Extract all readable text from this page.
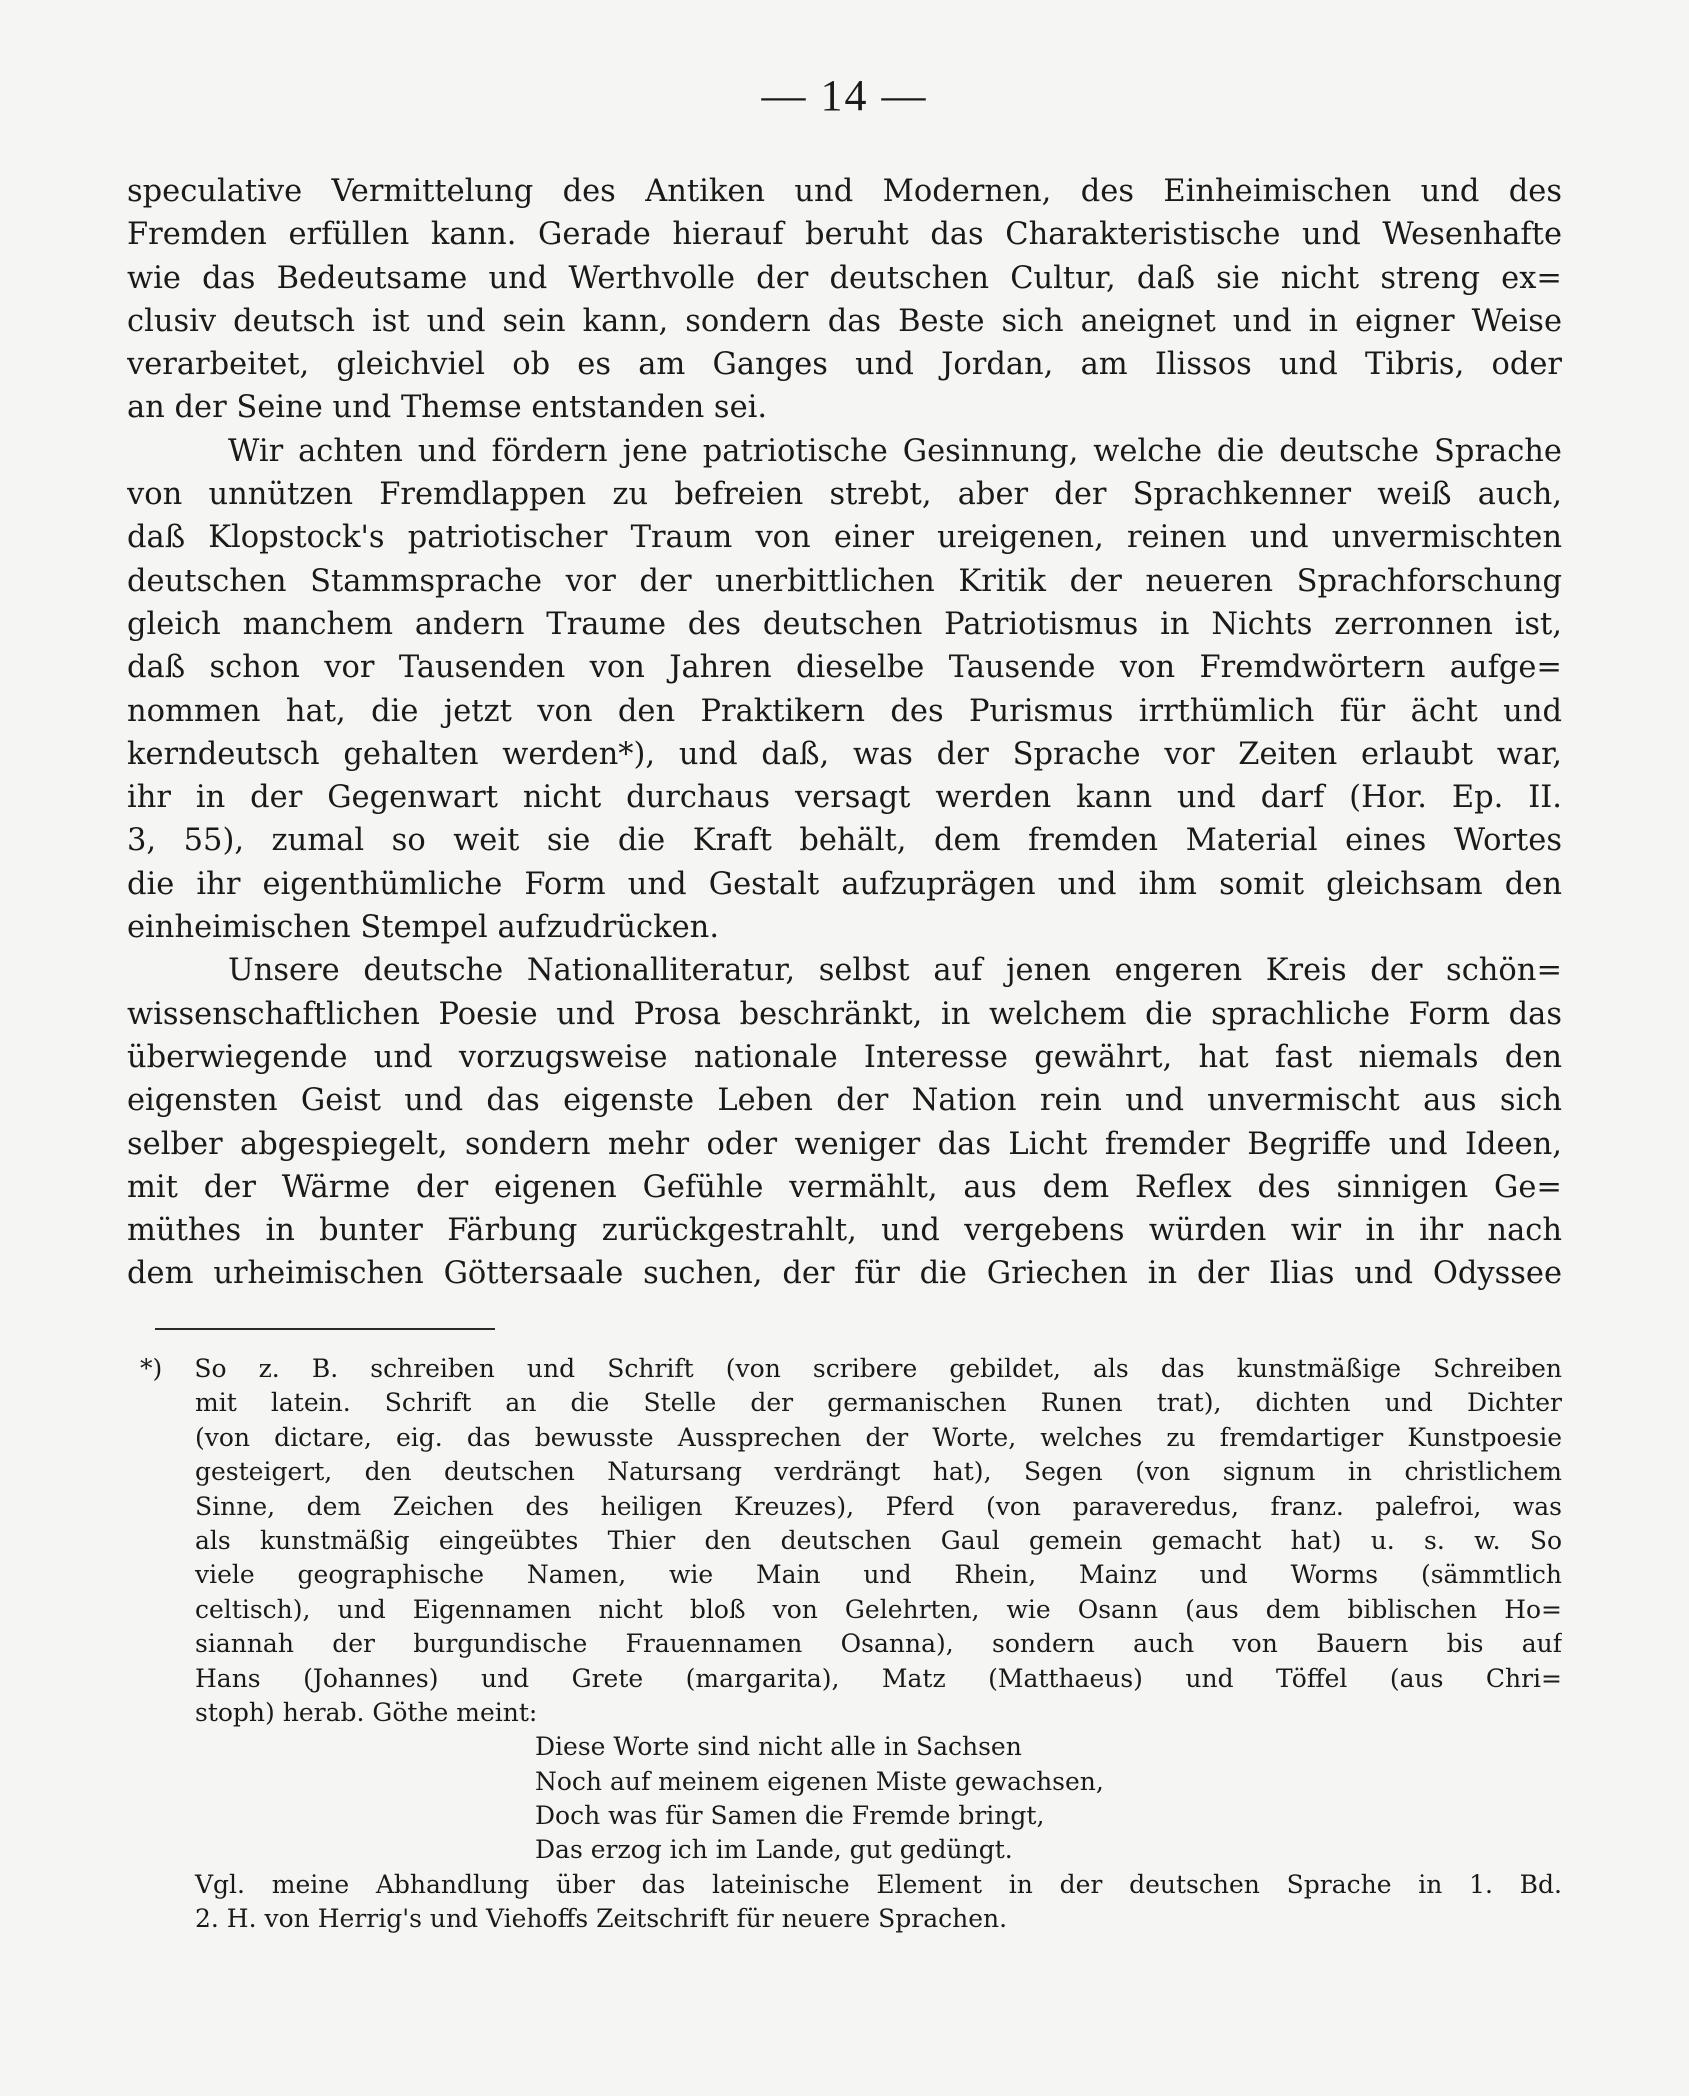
— 14 —
speculative Vermittelung des Antiken und Modernen, des Einheimischen und des
Fremden erfüllen kann. Gerade hierauf beruht das Charakteristische und Wesenhafte
wie das Bedeutsame und Werthvolle der deutschen Cultur, daß sie nicht streng ex=
clusiv deutsch ist und sein kann, sondern das Beste sich aneignet und in eigner Weise
verarbeitet, gleichviel ob es am Ganges und Jordan, am Ilissos und Tibris, oder
an der Seine und Themse entstanden sei.
Wir achten und fördern jene patriotische Gesinnung, welche die deutsche Sprache
von unnützen Fremdlappen zu befreien strebt, aber der Sprachkenner weiß auch,
daß Klopstock's patriotischer Traum von einer ureigenen, reinen und unvermischten
deutschen Stammsprache vor der unerbittlichen Kritik der neueren Sprachforschung
gleich manchem andern Traume des deutschen Patriotismus in Nichts zerronnen ist,
daß schon vor Tausenden von Jahren dieselbe Tausende von Fremdwörtern aufge=
nommen hat, die jetzt von den Praktikern des Purismus irrthümlich für ächt und
kerndeutsch gehalten werden*), und daß, was der Sprache vor Zeiten erlaubt war,
ihr in der Gegenwart nicht durchaus versagt werden kann und darf (Hor. Ep. II.
3, 55), zumal so weit sie die Kraft behält, dem fremden Material eines Wortes
die ihr eigenthümliche Form und Gestalt aufzuprägen und ihm somit gleichsam den
einheimischen Stempel aufzudrücken.
Unsere deutsche Nationalliteratur, selbst auf jenen engeren Kreis der schön=
wissenschaftlichen Poesie und Prosa beschränkt, in welchem die sprachliche Form das
überwiegende und vorzugsweise nationale Interesse gewährt, hat fast niemals den
eigensten Geist und das eigenste Leben der Nation rein und unvermischt aus sich
selber abgespiegelt, sondern mehr oder weniger das Licht fremder Begriffe und Ideen,
mit der Wärme der eigenen Gefühle vermählt, aus dem Reflex des sinnigen Ge=
müthes in bunter Färbung zurückgestrahlt, und vergebens würden wir in ihr nach
dem urheimischen Göttersaale suchen, der für die Griechen in der Ilias und Odyssee
*) So z. B. schreiben und Schrift (von scribere gebildet, als das kunstmäßige Schreiben
mit latein. Schrift an die Stelle der germanischen Runen trat), dichten und Dichter
(von dictare, eig. das bewusste Aussprechen der Worte, welches zu fremdartiger Kunstpoesie
gesteigert, den deutschen Natursang verdrängt hat), Segen (von signum in christlichem
Sinne, dem Zeichen des heiligen Kreuzes), Pferd (von paraveredus, franz. palefroi, was
als kunstmäßig eingeübtes Thier den deutschen Gaul gemein gemacht hat) u. s. w. So
viele geographische Namen, wie Main und Rhein, Mainz und Worms (sämmtlich
celtisch), und Eigennamen nicht bloß von Gelehrten, wie Osann (aus dem biblischen Ho=
siannah der burgundische Frauennamen Osanna), sondern auch von Bauern bis auf
Hans (Johannes) und Grete (margarita), Matz (Matthaeus) und Töffel (aus Chri=
stoph) herab. Göthe meint:
Diese Worte sind nicht alle in Sachsen
Noch auf meinem eigenen Miste gewachsen,
Doch was für Samen die Fremde bringt,
Das erzog ich im Lande, gut gedüngt.
Vgl. meine Abhandlung über das lateinische Element in der deutschen Sprache in 1. Bd.
2. H. von Herrig's und Viehoffs Zeitschrift für neuere Sprachen.
